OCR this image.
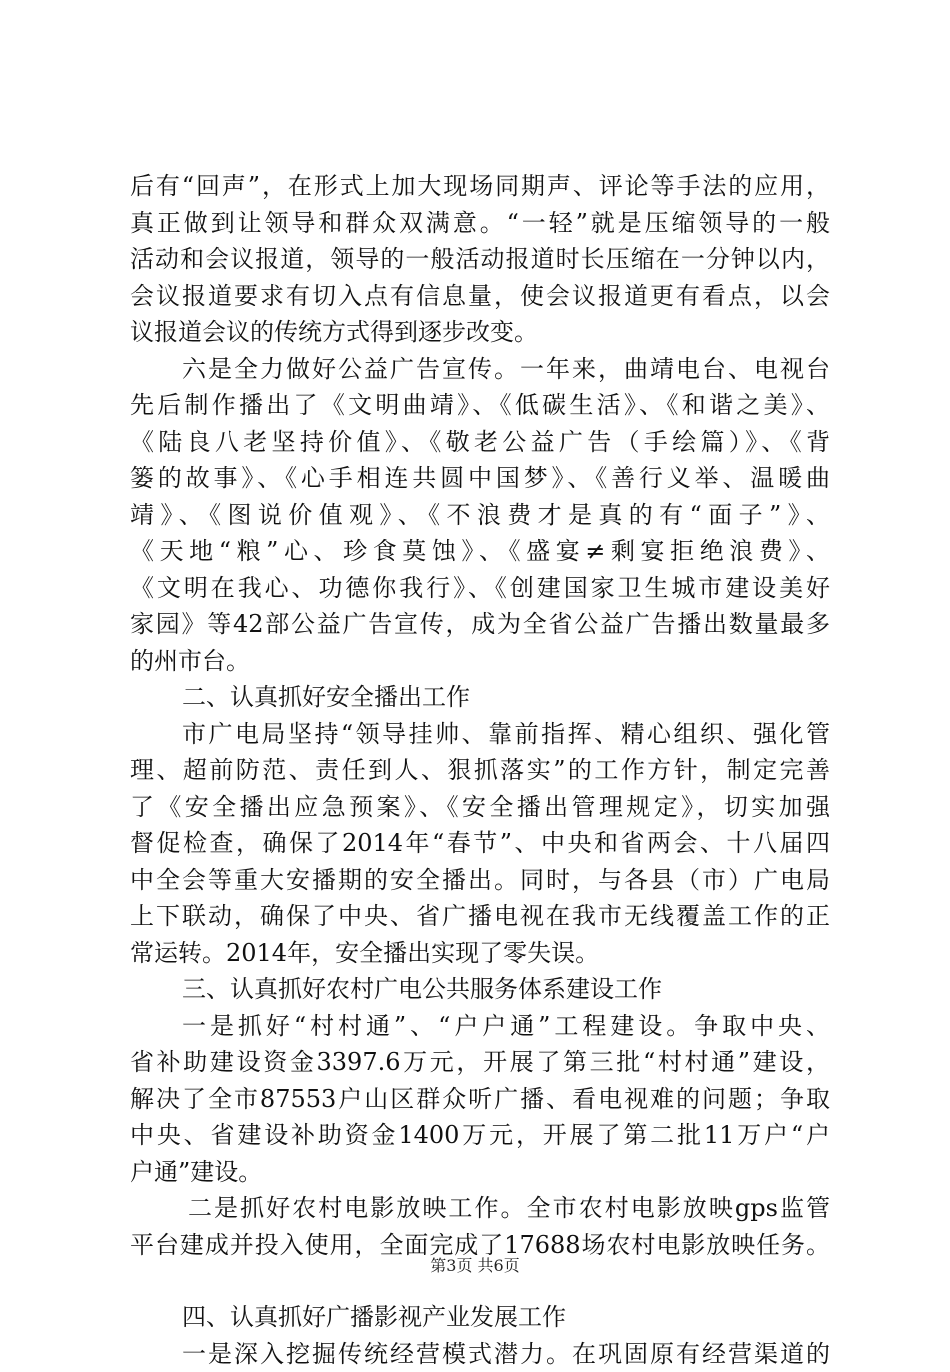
后有“回声”，在形式上加大现场同期声、评论等手法的应用，
真正做到让领导和群众双满意。“一轻”就是压缩领导的一般
活动和会议报道，领导的一般活动报道时长压缩在一分钟以内，
会议报道要求有切入点有信息量，使会议报道更有看点，以会
议报道会议的传统方式得到逐步改变。
六是全力做好公益广告宣传。一年来，曲靖电台、电视台
先后制作播出了《文明曲靖》、《低碳生活》、《和谐之美》、
《陆良八老坚持价值》、《敬老公益广告（手绘篇）》、《背
篓的故事》、《心手相连共圆中国梦》、《善行义举、温暖曲
靖》、《图说价值观》、《不浪费才是真的有“面子”》、
《天地“粮”心、珍食莫蚀》、《盛宴≠剩宴拒绝浪费》、
《文明在我心、功德你我行》、《创建国家卫生城市建设美好
家园》等42部公益广告宣传，成为全省公益广告播出数量最多
的州市台。
二、认真抓好安全播出工作
市广电局坚持“领导挂帅、靠前指挥、精心组织、强化管
理、超前防范、责任到人、狠抓落实”的工作方针，制定完善
了《安全播出应急预案》、《安全播出管理规定》，切实加强
督促检查，确保了2014年“春节”、中央和省两会、十八届四
中全会等重大安播期的安全播出。同时，与各县（市）广电局
上下联动，确保了中央、省广播电视在我市无线覆盖工作的正
常运转。2014年，安全播出实现了零失误。
三、认真抓好农村广电公共服务体系建设工作
一是抓好“村村通”、“户户通”工程建设。争取中央、
省补助建设资金3397.6万元，开展了第三批“村村通”建设，
解决了全市87553户山区群众听广播、看电视难的问题；争取
中央、省建设补助资金1400万元，开展了第二批11万户“户
户通”建设。
二是抓好农村电影放映工作。全市农村电影放映gps监管
平台建成并投入使用，全面完成了17688场农村电影放映任务。
四、认真抓好广播影视产业发展工作
一是深入挖掘传统经营模式潜力。在巩固原有经营渠道的
第3页 共6页
